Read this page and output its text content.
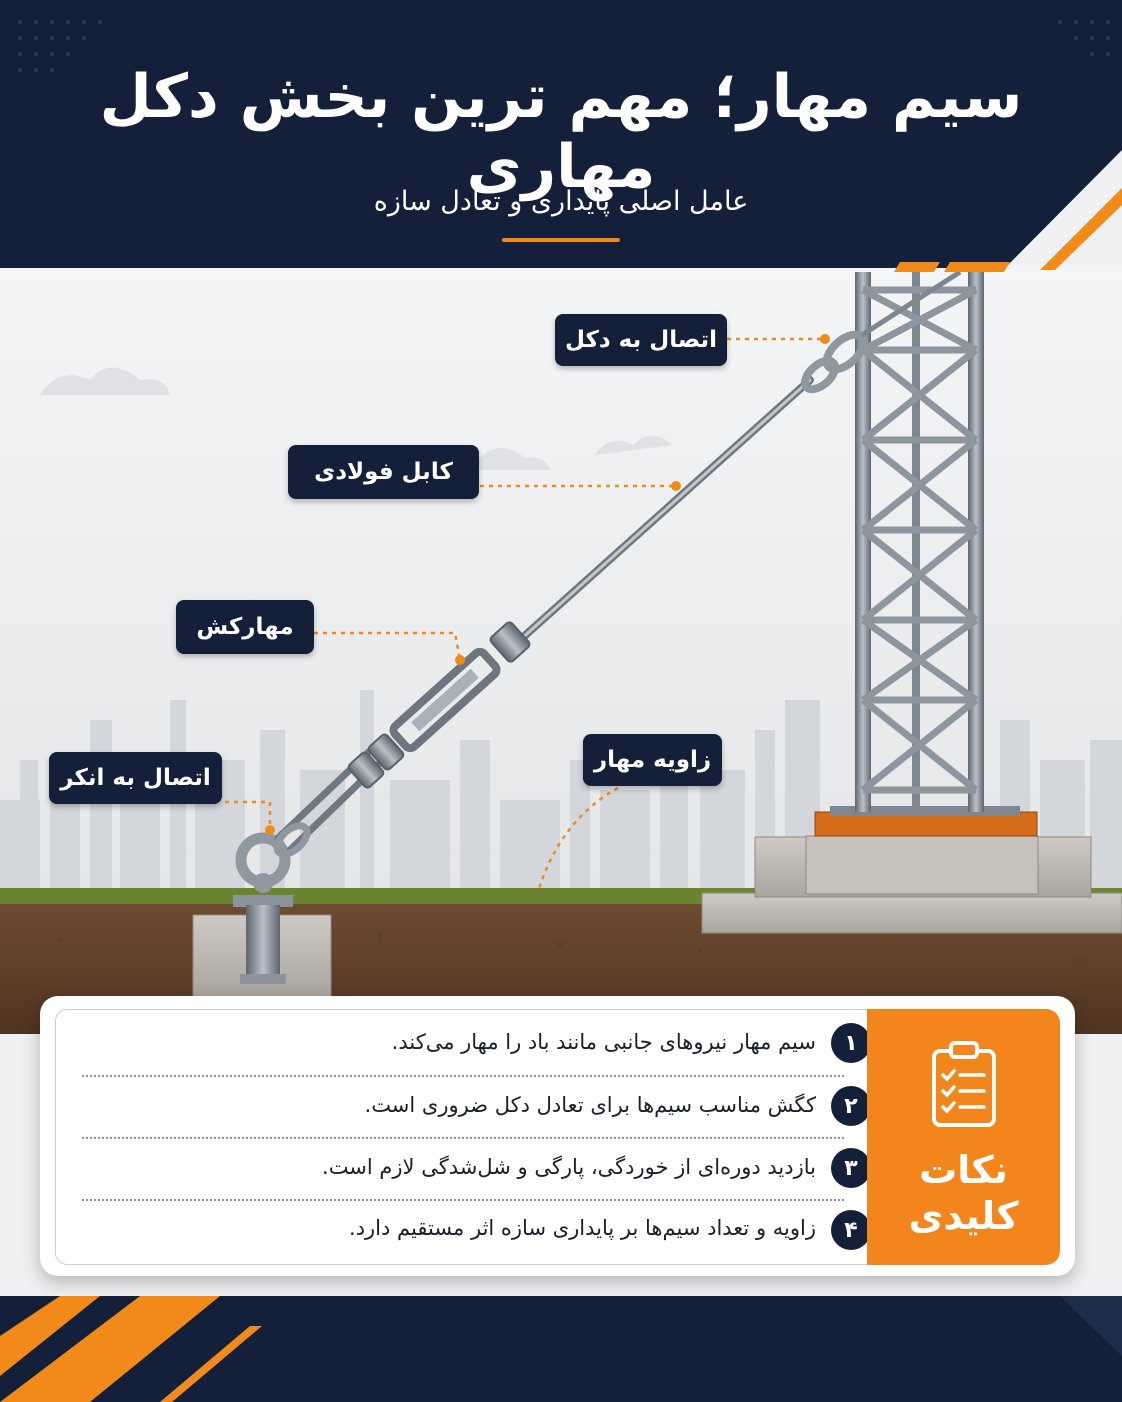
سیم مهار؛ مهم ترین بخش دکل مهاری
عامل اصلی پایداری و تعادل سازه
اتصال به دکل
کابل فولادی
مهارکش
زاویه مهار
اتصال به انکر
سیم مهار نیروهای جانبی مانند باد را مهار می‌کند.	۱
کگش مناسب سیم‌ها برای تعادل دکل ضروری است.	۲
بازدید دوره‌ای از خوردگی، پارگی و شل‌شدگی لازم است.	۳
زاویه و تعداد سیم‌ها بر پایداری سازه اثر مستقیم دارد.	۴
نکات
کلیدی
